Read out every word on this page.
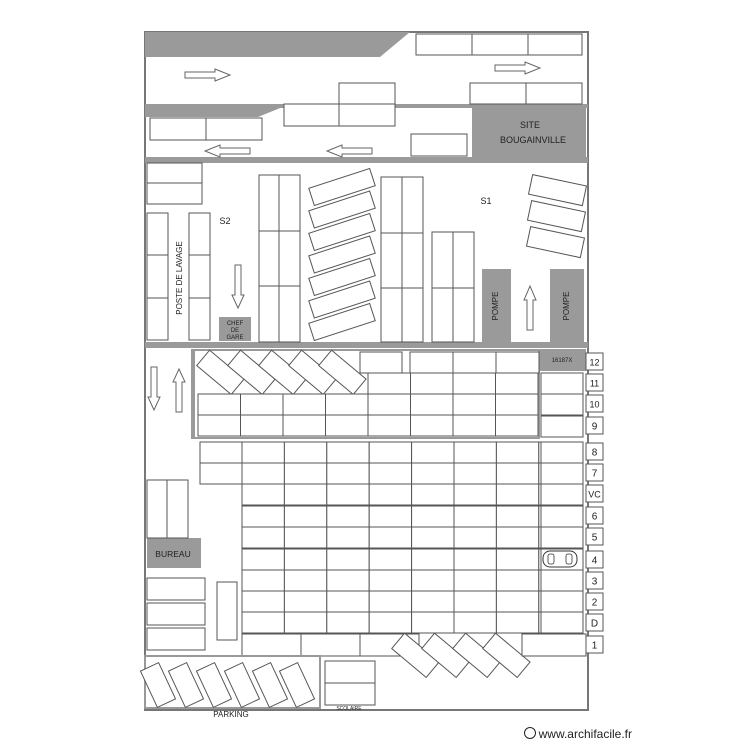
SITE
BOUGAINVILLE
POSTE DE LAVAGE
S2
CHEF
DE
GARE
S1
POMPE	POMPE
16187X
BUREAU
PARKING
SCOLAIRE
12
11
10
9
8
7
VC
6
5
4
3
2
D
1
www.archifacile.fr
